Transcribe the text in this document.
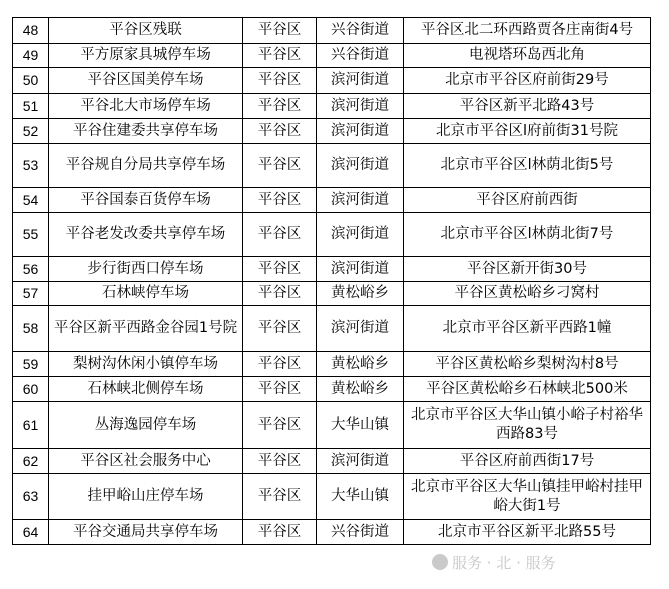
48	平谷区残联	平谷区	兴谷街道	平谷区北二环西路贾各庄南街4号
49	平方原家具城停车场	平谷区	兴谷街道	电视塔环岛西北角
50	平谷区国美停车场	平谷区	滨河街道	北京市平谷区府前街29号
51	平谷北大市场停车场	平谷区	滨河街道	平谷区新平北路43号
52	平谷住建委共享停车场	平谷区	滨河街道	北京市平谷区l府前街31号院
53	平谷规自分局共享停车场	平谷区	滨河街道	北京市平谷区l林荫北街5号
54	平谷国泰百货停车场	平谷区	滨河街道	平谷区府前西街
55	平谷老发改委共享停车场	平谷区	滨河街道	北京市平谷区l林荫北街7号
56	步行街西口停车场	平谷区	滨河街道	平谷区新开街30号
57	石林峡停车场	平谷区	黄松峪乡	平谷区黄松峪乡刁窝村
58	平谷区新平西路金谷园1号院	平谷区	滨河街道	北京市平谷区新平西路1幢
59	梨树沟休闲小镇停车场	平谷区	黄松峪乡	平谷区黄松峪乡梨树沟村8号
60	石林峡北侧停车场	平谷区	黄松峪乡	平谷区黄松峪乡石林峡北500米
61	丛海逸园停车场	平谷区	大华山镇	北京市平谷区大华山镇小峪子村裕华西路83号
62	平谷区社会服务中心	平谷区	滨河街道	平谷区府前西街17号
63	挂甲峪山庄停车场	平谷区	大华山镇	北京市平谷区大华山镇挂甲峪村挂甲峪大街1号
64	平谷交通局共享停车场	平谷区	兴谷街道	北京市平谷区新平北路55号
服务 · 北 · 服务
